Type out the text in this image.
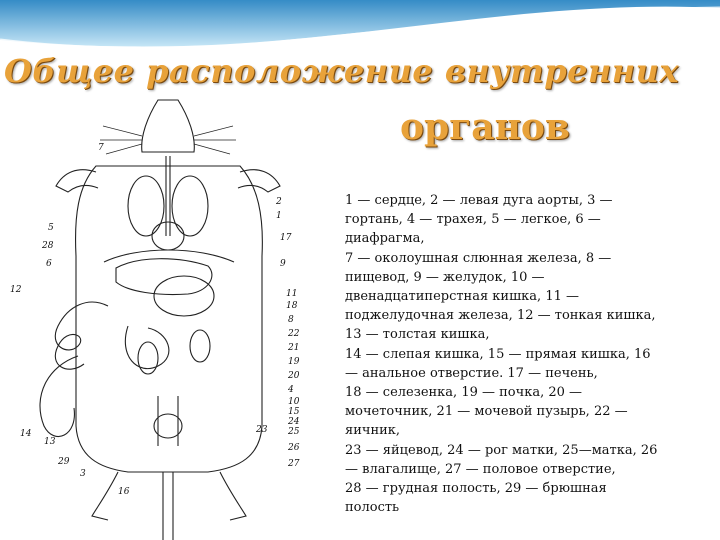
Общее расположение внутренних
органов
7
5
28
6
12
2
1
17
9
11
18
8
22
21
19
20
4
10
15
24
25
26
27
14
13
29
3
16
23
1 — сердце, 2 — левая дуга аорты, 3 —
гортань, 4 — трахея, 5 — легкое, 6 —
диафрагма,
7 — околоушная слюнная железа, 8 —
пищевод, 9 — желудок, 10 —
двенадцатиперстная кишка, 11 —
поджелудочная железа, 12 — тонкая кишка,
13 — толстая кишка,
14 — слепая кишка, 15 — прямая кишка, 16
— анальное отверстие. 17 — печень,
18 — селезенка, 19 — почка, 20 —
мочеточник, 21 — мочевой пузырь, 22 —
яичник,
23 — яйцевод, 24 — рог матки, 25—матка, 26
— влагалище, 27 — половое отверстие,
28 — грудная полость, 29 — брюшная
полость
